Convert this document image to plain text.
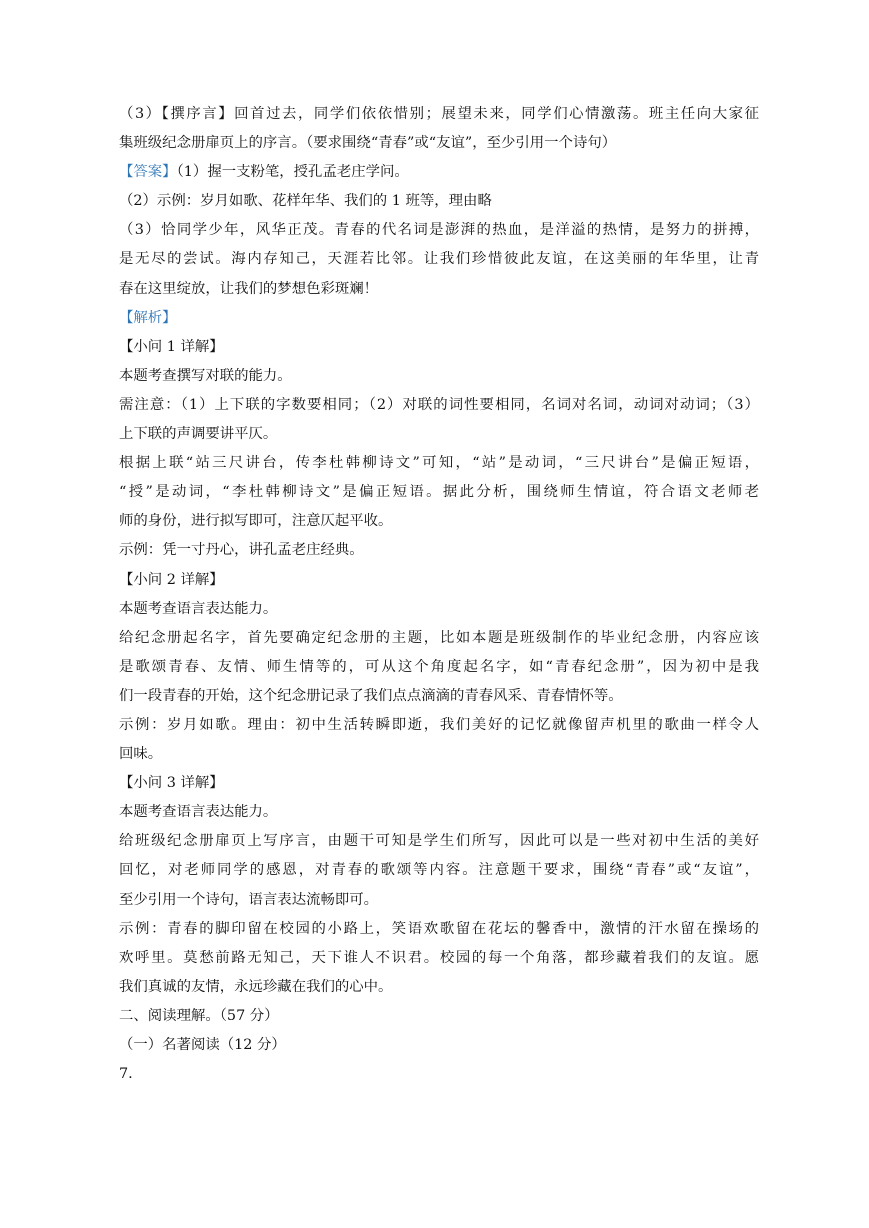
（3）【撰序言】回首过去，同学们依依惜别；展望未来，同学们心情激荡。班主任向大家征
集班级纪念册扉页上的序言。（要求围绕“青春”或“友谊”，至少引用一个诗句）
【答案】（1）握一支粉笔，授孔孟老庄学问。
（2）示例：岁月如歌、花样年华、我们的 1 班等，理由略
（3）恰同学少年，风华正茂。青春的代名词是澎湃的热血，是洋溢的热情，是努力的拼搏，
是无尽的尝试。海内存知己，天涯若比邻。让我们珍惜彼此友谊，在这美丽的年华里，让青
春在这里绽放，让我们的梦想色彩斑斓！
【解析】
【小问 1 详解】
本题考查撰写对联的能力。
需注意：（1）上下联的字数要相同；（2）对联的词性要相同，名词对名词，动词对动词；（3）
上下联的声调要讲平仄。
根据上联“站三尺讲台，传李杜韩柳诗文”可知，“站”是动词，“三尺讲台”是偏正短语，
“授”是动词，“李杜韩柳诗文”是偏正短语。据此分析，围绕师生情谊，符合语文老师老
师的身份，进行拟写即可，注意仄起平收。
示例：凭一寸丹心，讲孔孟老庄经典。
【小问 2 详解】
本题考查语言表达能力。
给纪念册起名字，首先要确定纪念册的主题，比如本题是班级制作的毕业纪念册，内容应该
是歌颂青春、友情、师生情等的，可从这个角度起名字，如“青春纪念册”，因为初中是我
们一段青春的开始，这个纪念册记录了我们点点滴滴的青春风采、青春情怀等。
示例：岁月如歌。理由：初中生活转瞬即逝，我们美好的记忆就像留声机里的歌曲一样令人
回味。
【小问 3 详解】
本题考查语言表达能力。
给班级纪念册扉页上写序言，由题干可知是学生们所写，因此可以是一些对初中生活的美好
回忆，对老师同学的感恩，对青春的歌颂等内容。注意题干要求，围绕“青春”或“友谊”，
至少引用一个诗句，语言表达流畅即可。
示例：青春的脚印留在校园的小路上，笑语欢歌留在花坛的馨香中，激情的汗水留在操场的
欢呼里。莫愁前路无知己，天下谁人不识君。校园的每一个角落，都珍藏着我们的友谊。愿
我们真诚的友情，永远珍藏在我们的心中。
二、阅读理解。（57 分）
（一）名著阅读（12 分）
7.
